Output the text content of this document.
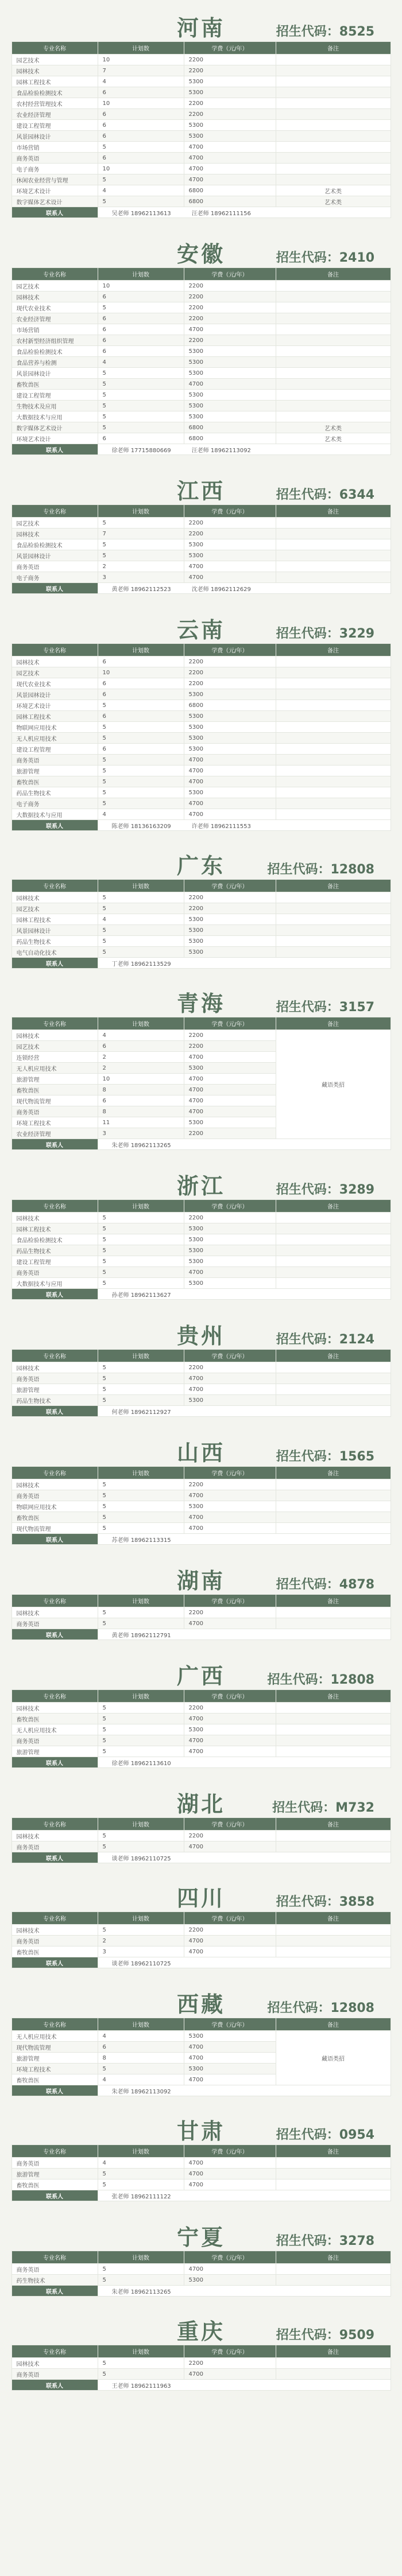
河南	招生代码：8525
专业名称	计划数	学费（元/年）	备注
园艺技术	10	2200	
园林技术	7	2200	
园林工程技术	4	5300	
食品检验检测技术	6	5300	
农村经营管理技术	10	2200	
农业经济管理	6	2200	
建设工程管理	6	5300	
风景园林设计	6	5300	
市场营销	5	4700	
商务英语	6	4700	
电子商务	10	4700	
休闲农业经营与管理	5	4700	
环境艺术设计	4	6800	艺术类
数字媒体艺术设计	5	6800	艺术类
联系人	吴老师 18962113613 汪老师 18962111156		
安徽	招生代码：2410
专业名称	计划数	学费（元/年）	备注
园艺技术	10	2200	
园林技术	6	2200	
现代农业技术	5	2200	
农业经济管理	6	2200	
市场营销	6	4700	
农村新型经济组织管理	6	2200	
食品检验检测技术	6	5300	
食品营养与检测	4	5300	
风景园林设计	5	5300	
畜牧兽医	5	4700	
建设工程管理	5	5300	
生物技术及应用	5	5300	
大数据技术与应用	5	5300	
数字媒体艺术设计	5	6800	艺术类
环境艺术设计	6	6800	艺术类
联系人	徐老师 17715880669 汪老师 18962113092		
江西	招生代码：6344
专业名称	计划数	学费（元/年）	备注
园艺技术	5	2200	
园林技术	7	2200	
食品检验检测技术	5	5300	
风景园林设计	5	5300	
商务英语	2	4700	
电子商务	3	4700	
联系人	黄老师 18962112523 沈老师 18962112629		
云南	招生代码：3229
专业名称	计划数	学费（元/年）	备注
园林技术	6	2200	
园艺技术	10	2200	
现代农业技术	6	2200	
风景园林设计	6	5300	
环境艺术设计	5	6800	
园林工程技术	6	5300	
物联网应用技术	5	5300	
无人机应用技术	5	5300	
建设工程管理	6	5300	
商务英语	5	4700	
旅游管理	5	4700	
畜牧兽医	5	4700	
药品生物技术	5	5300	
电子商务	5	4700	
大数据技术与应用	4	4700	
联系人	陈老师 18136163209 许老师 18962111553		
广东	招生代码：12808
专业名称	计划数	学费（元/年）	备注
园林技术	5	2200	
园艺技术	5	2200	
园林工程技术	4	5300	
风景园林设计	5	5300	
药品生物技术	5	5300	
电气自动化技术	5	5300	
联系人	丁老师 18962113529		
青海	招生代码：3157
专业名称	计划数	学费（元/年）	备注
园林技术	4	2200	藏语类招
园艺技术	6	2200	
连锁经营	2	4700	
无人机应用技术	2	5300	
旅游管理	10	4700	
畜牧兽医	8	4700	
现代物流管理	6	4700	
商务英语	8	4700	
环境工程技术	11	5300	
农业经济管理	3	2200	
联系人	朱老师 18962113265		
浙江	招生代码：3289
专业名称	计划数	学费（元/年）	备注
园林技术	5	2200	
园林工程技术	5	5300	
食品检验检测技术	5	5300	
药品生物技术	5	5300	
建设工程管理	5	5300	
商务英语	5	4700	
大数据技术与应用	5	5300	
联系人	孙老师 18962113627		
贵州	招生代码：2124
专业名称	计划数	学费（元/年）	备注
园林技术	5	2200	
商务英语	5	4700	
旅游管理	5	4700	
药品生物技术	5	5300	
联系人	何老师 18962112927		
山西	招生代码：1565
专业名称	计划数	学费（元/年）	备注
园林技术	5	2200	
商务英语	5	4700	
物联网应用技术	5	5300	
畜牧兽医	5	4700	
现代物流管理	5	4700	
联系人	苏老师 18962113315		
湖南	招生代码：4878
专业名称	计划数	学费（元/年）	备注
园林技术	5	2200	
商务英语	5	4700	
联系人	黄老师 18962112791		
广西	招生代码：12808
专业名称	计划数	学费（元/年）	备注
园林技术	5	2200	
畜牧兽医	5	4700	
无人机应用技术	5	5300	
商务英语	5	4700	
旅游管理	5	4700	
联系人	徐老师 18962113610		
湖北	招生代码：M732
专业名称	计划数	学费（元/年）	备注
园林技术	5	2200	
商务英语	5	4700	
联系人	谈老师 18962110725		
四川	招生代码：3858
专业名称	计划数	学费（元/年）	备注
园林技术	5	2200	
商务英语	2	4700	
畜牧兽医	3	4700	
联系人	谈老师 18962110725		
西藏	招生代码：12808
专业名称	计划数	学费（元/年）	备注
无人机应用技术	4	5300	藏语类招
现代物流管理	6	4700	
旅游管理	8	4700	
环境工程技术	5	5300	
畜牧兽医	4	4700	
联系人	朱老师 18962113092		
甘肃	招生代码：0954
专业名称	计划数	学费（元/年）	备注
商务英语	4	4700	
旅游管理	5	4700	
畜牧兽医	5	4700	
联系人	张老师 18962111122		
宁夏	招生代码：3278
专业名称	计划数	学费（元/年）	备注
商务英语	5	4700	
药生物技术	5	5300	
联系人	朱老师 18962113265		
重庆	招生代码：9509
专业名称	计划数	学费（元/年）	备注
园林技术	5	2200	
商务英语	5	4700	
联系人	王老师 18962111963		
